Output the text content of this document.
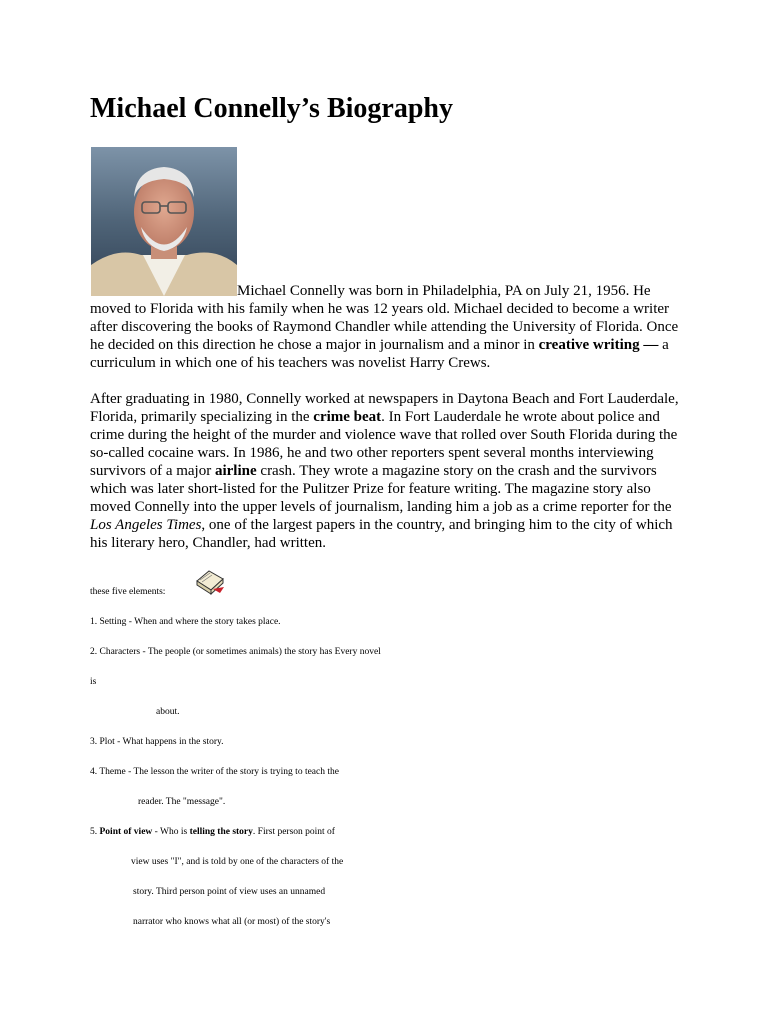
Michael Connelly’s Biography

Michael Connelly was born in Philadelphia, PA on July 21, 1956. He moved to Florida with his family when he was 12 years old. Michael decided to become a writer after discovering the books of Raymond Chandler while attending the University of Florida. Once he decided on this direction he chose a major in journalism and a minor in creative writing — a curriculum in which one of his teachers was novelist Harry Crews.

After graduating in 1980, Connelly worked at newspapers in Daytona Beach and Fort Lauderdale, Florida, primarily specializing in the crime beat. In Fort Lauderdale he wrote about police and crime during the height of the murder and violence wave that rolled over South Florida during the so-called cocaine wars. In 1986, he and two other reporters spent several months interviewing survivors of a major airline crash. They wrote a magazine story on the crash and the survivors which was later short-listed for the Pulitzer Prize for feature writing. The magazine story also moved Connelly into the upper levels of journalism, landing him a job as a crime reporter for the Los Angeles Times, one of the largest papers in the country, and bringing him to the city of which his literary hero, Chandler, had written.

these five elements:
1. Setting - When and where the story takes place.
2. Characters - The people (or sometimes animals) the story has Every novel
is
about.
3. Plot - What happens in the story.
4. Theme - The lesson the writer of the story is trying to teach the
reader. The "message".
5. Point of view - Who is telling the story. First person point of
view uses "I", and is told by one of the characters of the
story. Third person point of view uses an unnamed
narrator who knows what all (or most) of the story's
